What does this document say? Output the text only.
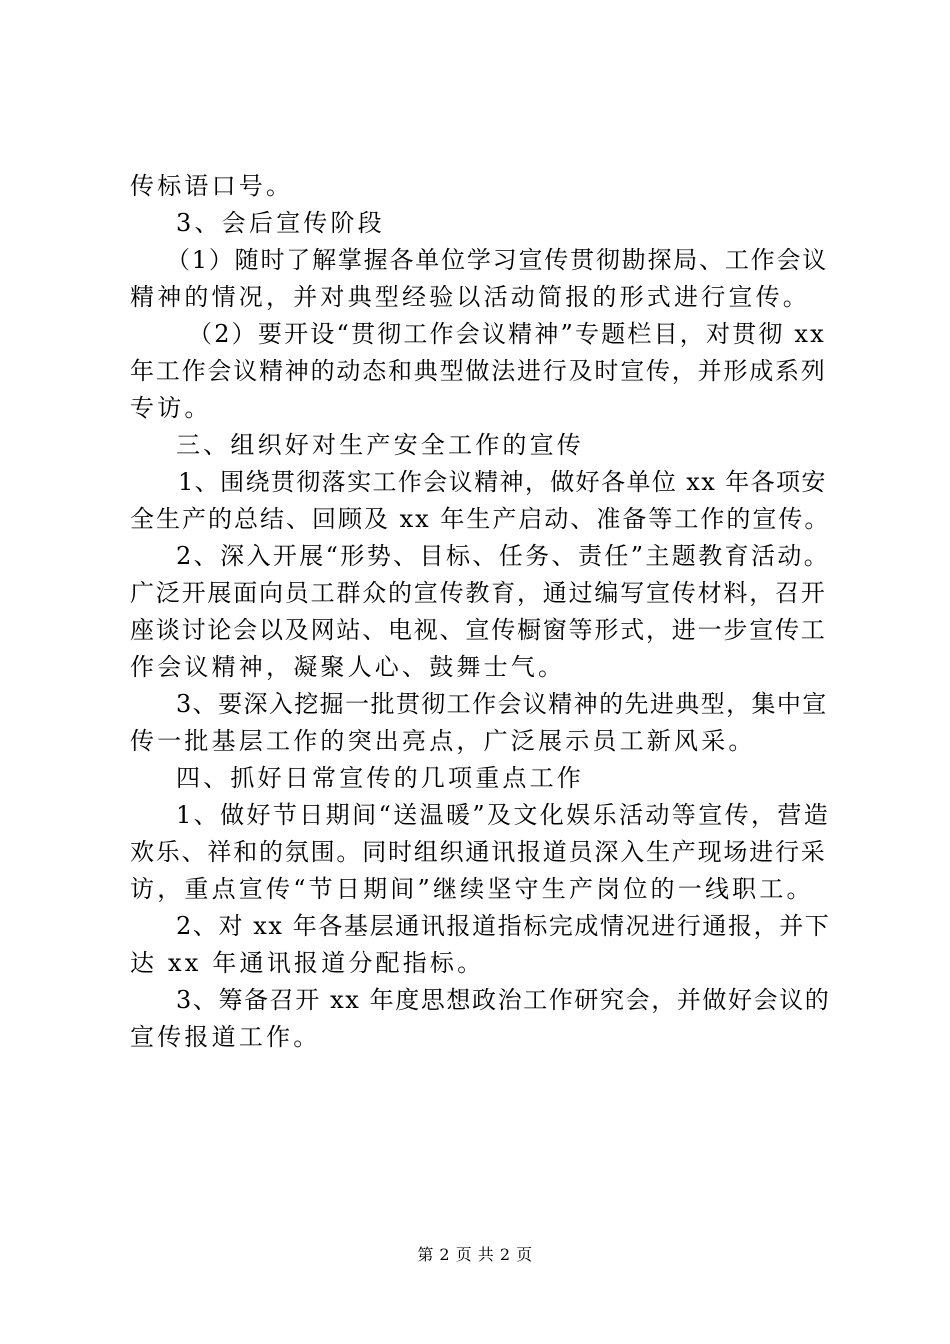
传标语口号。
3、会后宣传阶段
（1）随时了解掌握各单位学习宣传贯彻勘探局、工作会议
精神的情况，并对典型经验以活动简报的形式进行宣传。
（2）要开设“贯彻工作会议精神”专题栏目，对贯彻 xx
年工作会议精神的动态和典型做法进行及时宣传，并形成系列
专访。
三、组织好对生产安全工作的宣传
1、围绕贯彻落实工作会议精神，做好各单位 xx 年各项安
全生产的总结、回顾及 xx 年生产启动、准备等工作的宣传。
2、深入开展“形势、目标、任务、责任”主题教育活动。
广泛开展面向员工群众的宣传教育，通过编写宣传材料，召开
座谈讨论会以及网站、电视、宣传橱窗等形式，进一步宣传工
作会议精神，凝聚人心、鼓舞士气。
3、要深入挖掘一批贯彻工作会议精神的先进典型，集中宣
传一批基层工作的突出亮点，广泛展示员工新风采。
四、抓好日常宣传的几项重点工作
1、做好节日期间“送温暖”及文化娱乐活动等宣传，营造
欢乐、祥和的氛围。同时组织通讯报道员深入生产现场进行采
访，重点宣传“节日期间”继续坚守生产岗位的一线职工。
2、对 xx 年各基层通讯报道指标完成情况进行通报，并下
达 xx 年通讯报道分配指标。
3、筹备召开 xx 年度思想政治工作研究会，并做好会议的
宣传报道工作。
第 2 页 共 2 页
